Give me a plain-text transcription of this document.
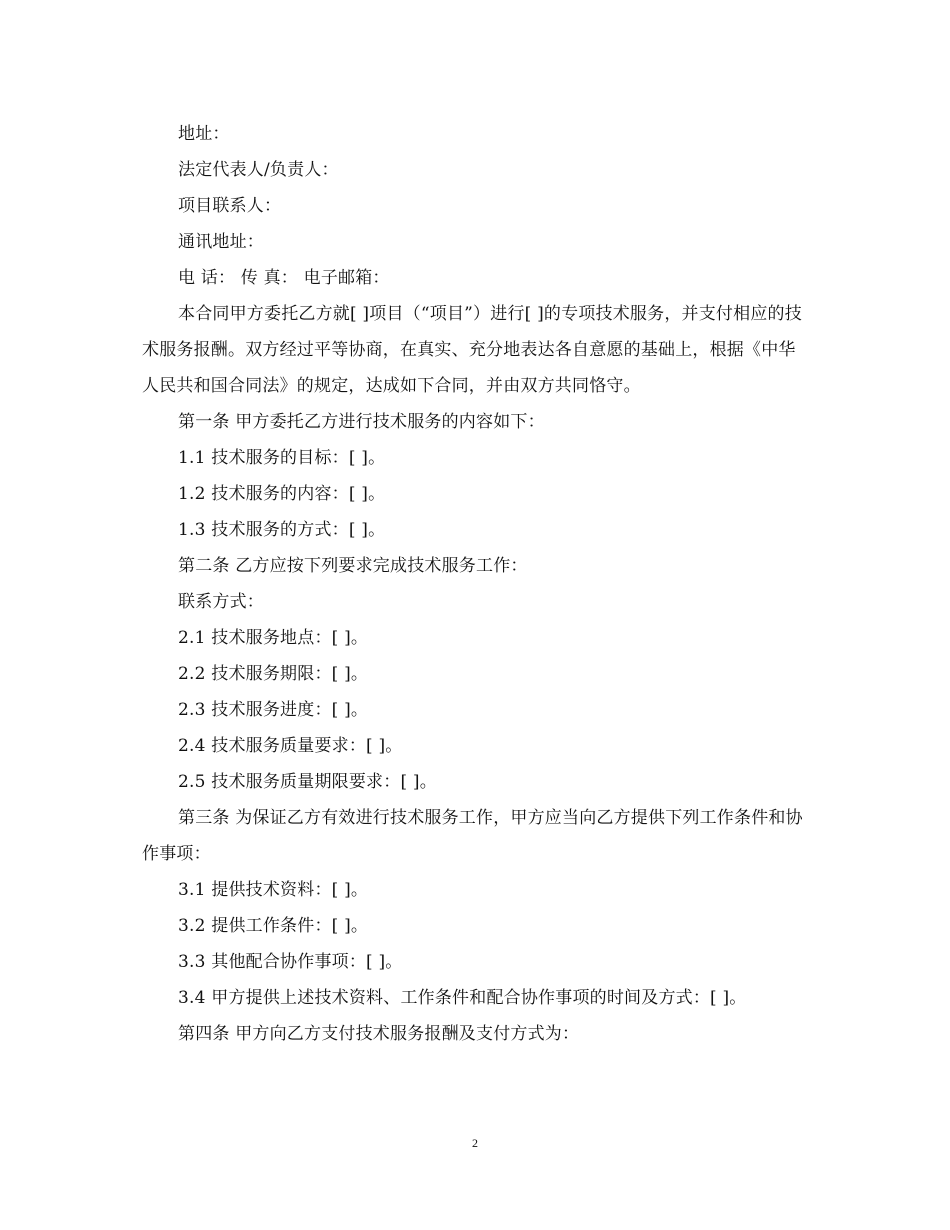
地址：

法定代表人/负责人：

项目联系人：

通讯地址：

电 话： 传 真： 电子邮箱：

本合同甲方委托乙方就[ ]项目（“项目”）进行[ ]的专项技术服务，并支付相应的技术服务报酬。双方经过平等协商，在真实、充分地表达各自意愿的基础上，根据《中华人民共和国合同法》的规定，达成如下合同，并由双方共同恪守。

第一条 甲方委托乙方进行技术服务的内容如下：

1.1 技术服务的目标：[ ]。

1.2 技术服务的内容：[ ]。

1.3 技术服务的方式：[ ]。

第二条 乙方应按下列要求完成技术服务工作：

联系方式：

2.1 技术服务地点：[ ]。

2.2 技术服务期限：[ ]。

2.3 技术服务进度：[ ]。

2.4 技术服务质量要求：[ ]。

2.5 技术服务质量期限要求：[ ]。

第三条 为保证乙方有效进行技术服务工作，甲方应当向乙方提供下列工作条件和协作事项：

3.1 提供技术资料：[ ]。

3.2 提供工作条件：[ ]。

3.3 其他配合协作事项：[ ]。

3.4 甲方提供上述技术资料、工作条件和配合协作事项的时间及方式：[ ]。

第四条 甲方向乙方支付技术服务报酬及支付方式为：

2
